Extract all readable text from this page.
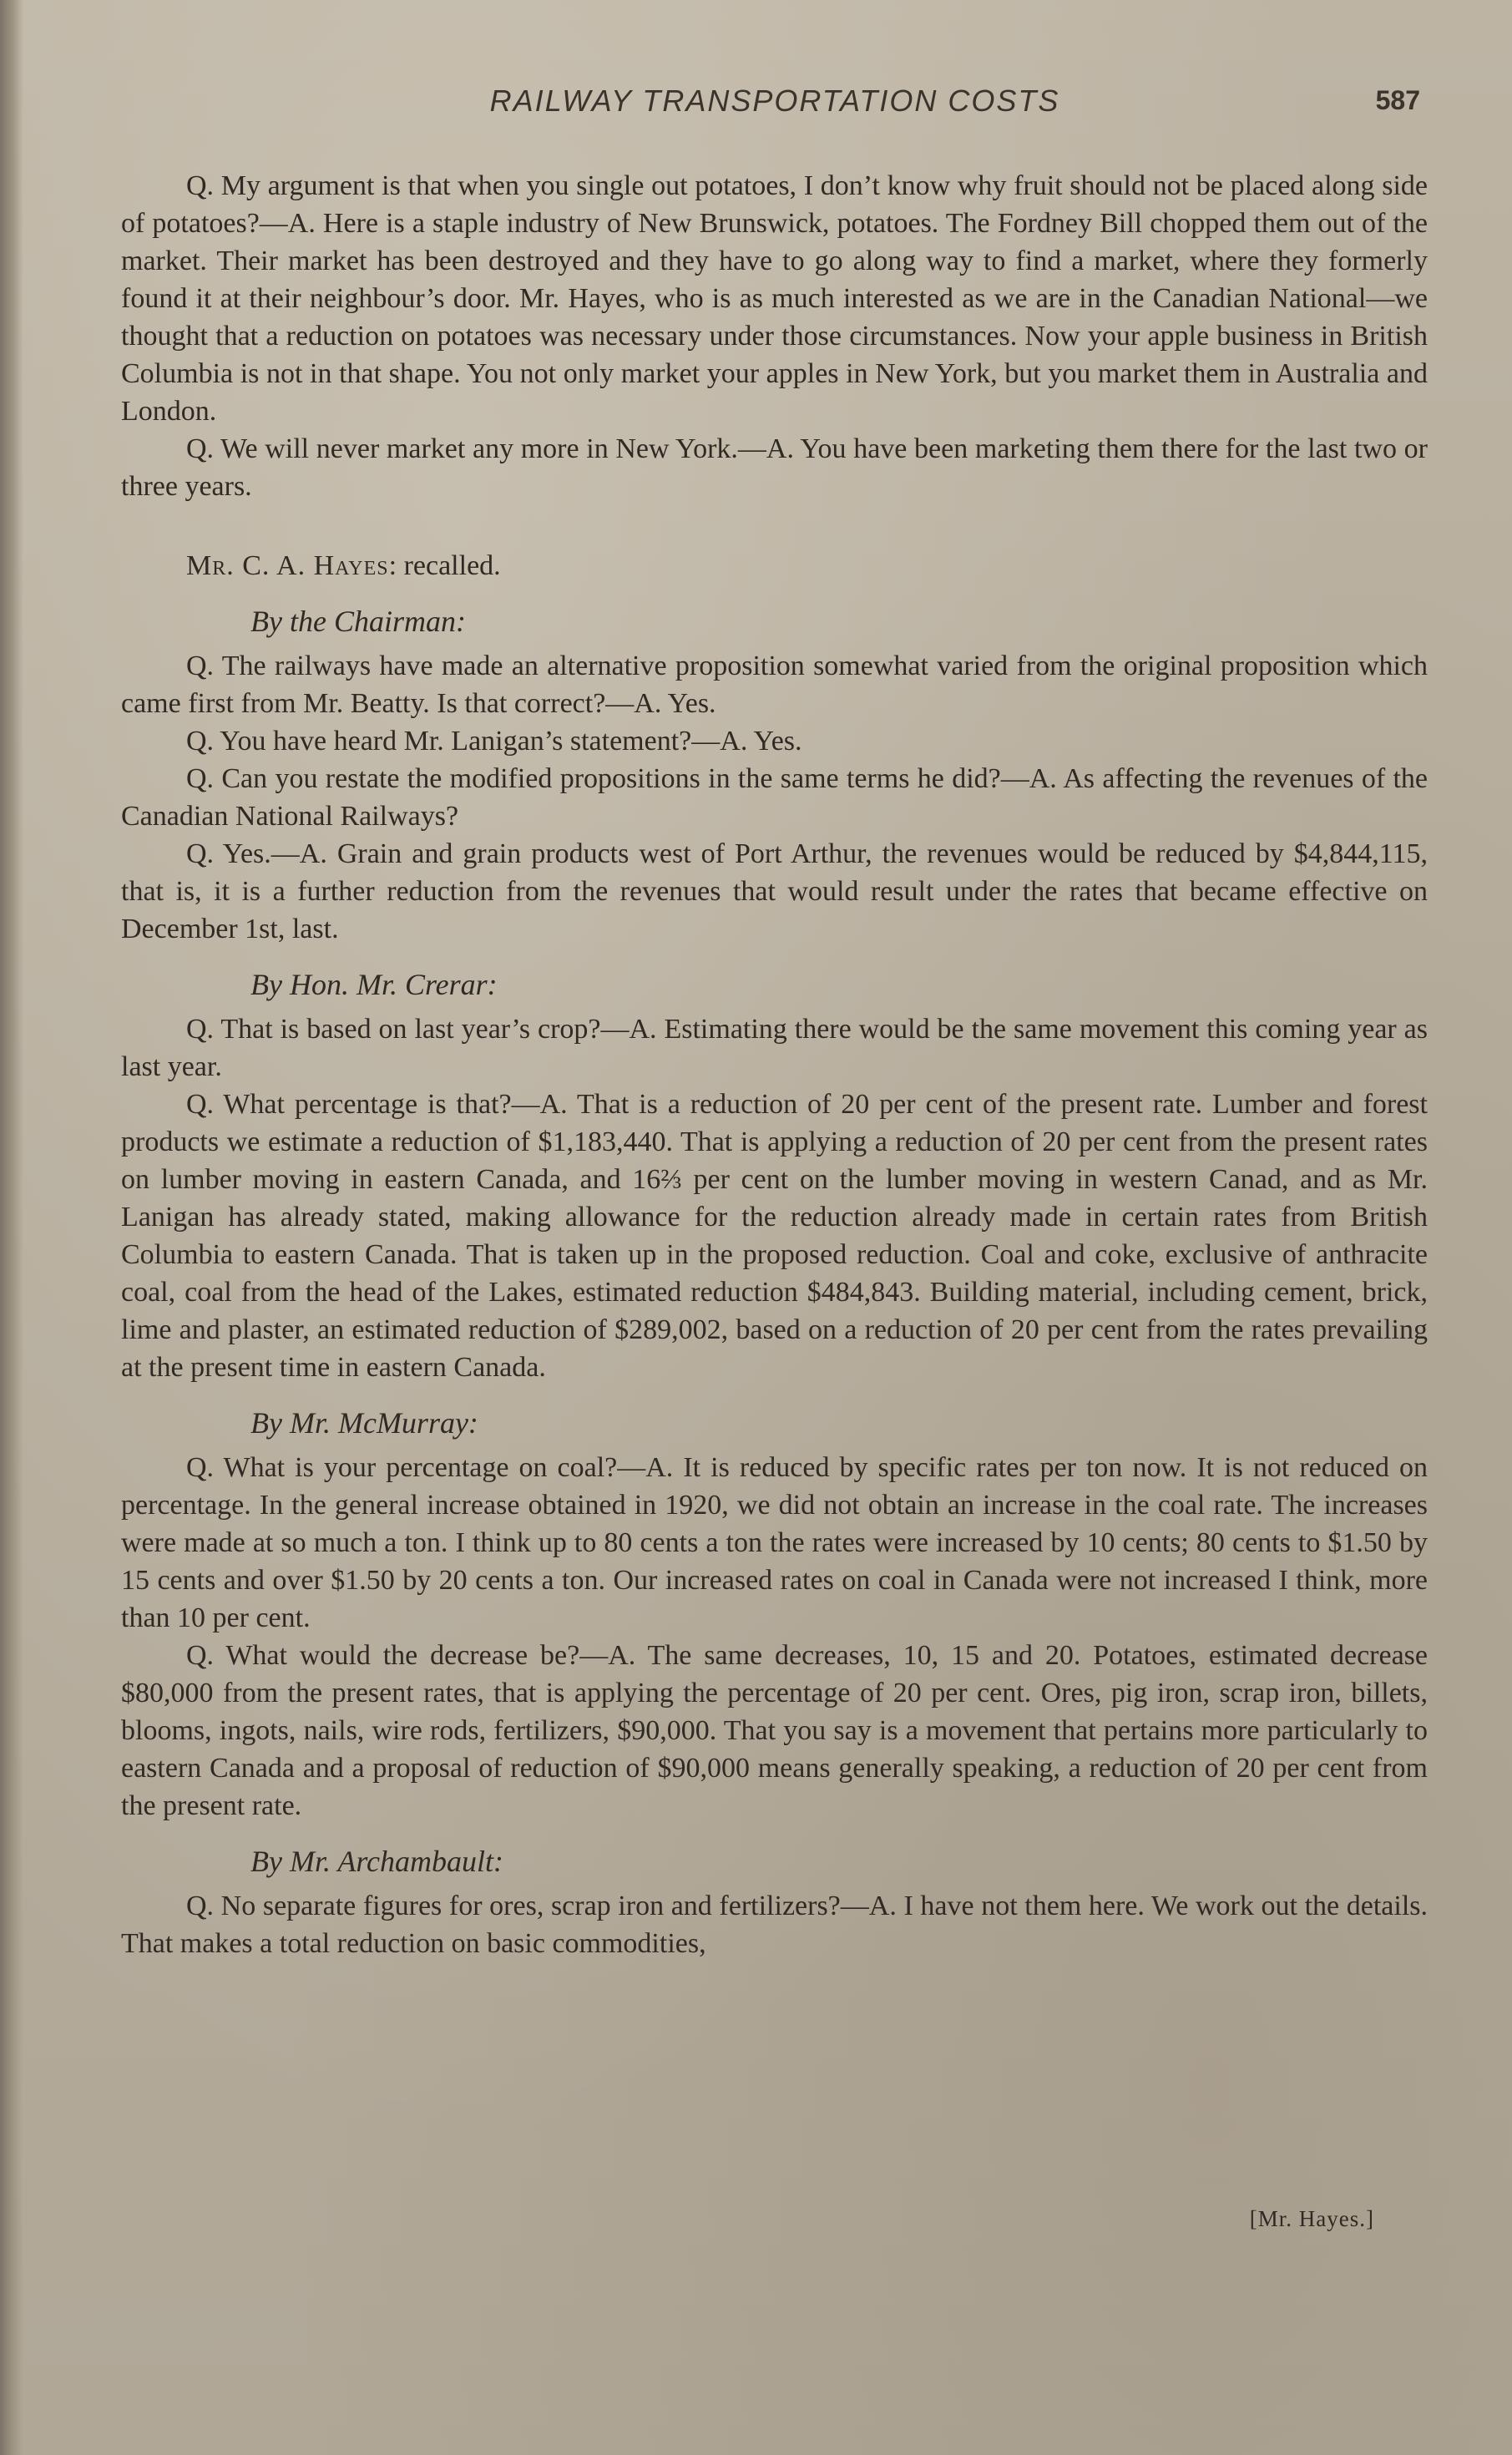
RAILWAY TRANSPORTATION COSTS	587

Q. My argument is that when you single out potatoes, I don’t know why fruit should not be placed along side of potatoes?—A. Here is a staple industry of New Brunswick, potatoes. The Fordney Bill chopped them out of the market. Their market has been destroyed and they have to go along way to find a market, where they formerly found it at their neighbour’s door. Mr. Hayes, who is as much interested as we are in the Canadian National—we thought that a reduction on potatoes was necessary under those circumstances. Now your apple business in British Columbia is not in that shape. You not only market your apples in New York, but you market them in Australia and London.

Q. We will never market any more in New York.—A. You have been marketing them there for the last two or three years.

Mr. C. A. Hayes: recalled.

By the Chairman:

Q. The railways have made an alternative proposition somewhat varied from the original proposition which came first from Mr. Beatty. Is that correct?—A. Yes.

Q. You have heard Mr. Lanigan’s statement?—A. Yes.

Q. Can you restate the modified propositions in the same terms he did?—A. As affecting the revenues of the Canadian National Railways?

Q. Yes.—A. Grain and grain products west of Port Arthur, the revenues would be reduced by $4,844,115, that is, it is a further reduction from the revenues that would result under the rates that became effective on December 1st, last.

By Hon. Mr. Crerar:

Q. That is based on last year’s crop?—A. Estimating there would be the same movement this coming year as last year.

Q. What percentage is that?—A. That is a reduction of 20 per cent of the present rate. Lumber and forest products we estimate a reduction of $1,183,440. That is applying a reduction of 20 per cent from the present rates on lumber moving in eastern Canada, and 16⅔ per cent on the lumber moving in western Canad, and as Mr. Lanigan has already stated, making allowance for the reduction already made in certain rates from British Columbia to eastern Canada. That is taken up in the proposed reduction. Coal and coke, exclusive of anthracite coal, coal from the head of the Lakes, estimated reduction $484,843. Building material, including cement, brick, lime and plaster, an estimated reduction of $289,002, based on a reduction of 20 per cent from the rates prevailing at the present time in eastern Canada.

By Mr. McMurray:

Q. What is your percentage on coal?—A. It is reduced by specific rates per ton now. It is not reduced on percentage. In the general increase obtained in 1920, we did not obtain an increase in the coal rate. The increases were made at so much a ton. I think up to 80 cents a ton the rates were increased by 10 cents; 80 cents to $1.50 by 15 cents and over $1.50 by 20 cents a ton. Our increased rates on coal in Canada were not increased I think, more than 10 per cent.

Q. What would the decrease be?—A. The same decreases, 10, 15 and 20. Potatoes, estimated decrease $80,000 from the present rates, that is applying the percentage of 20 per cent. Ores, pig iron, scrap iron, billets, blooms, ingots, nails, wire rods, fertilizers, $90,000. That you say is a movement that pertains more particularly to eastern Canada and a proposal of reduction of $90,000 means generally speaking, a reduction of 20 per cent from the present rate.

By Mr. Archambault:

Q. No separate figures for ores, scrap iron and fertilizers?—A. I have not them here. We work out the details. That makes a total reduction on basic commodities,

[Mr. Hayes.]
